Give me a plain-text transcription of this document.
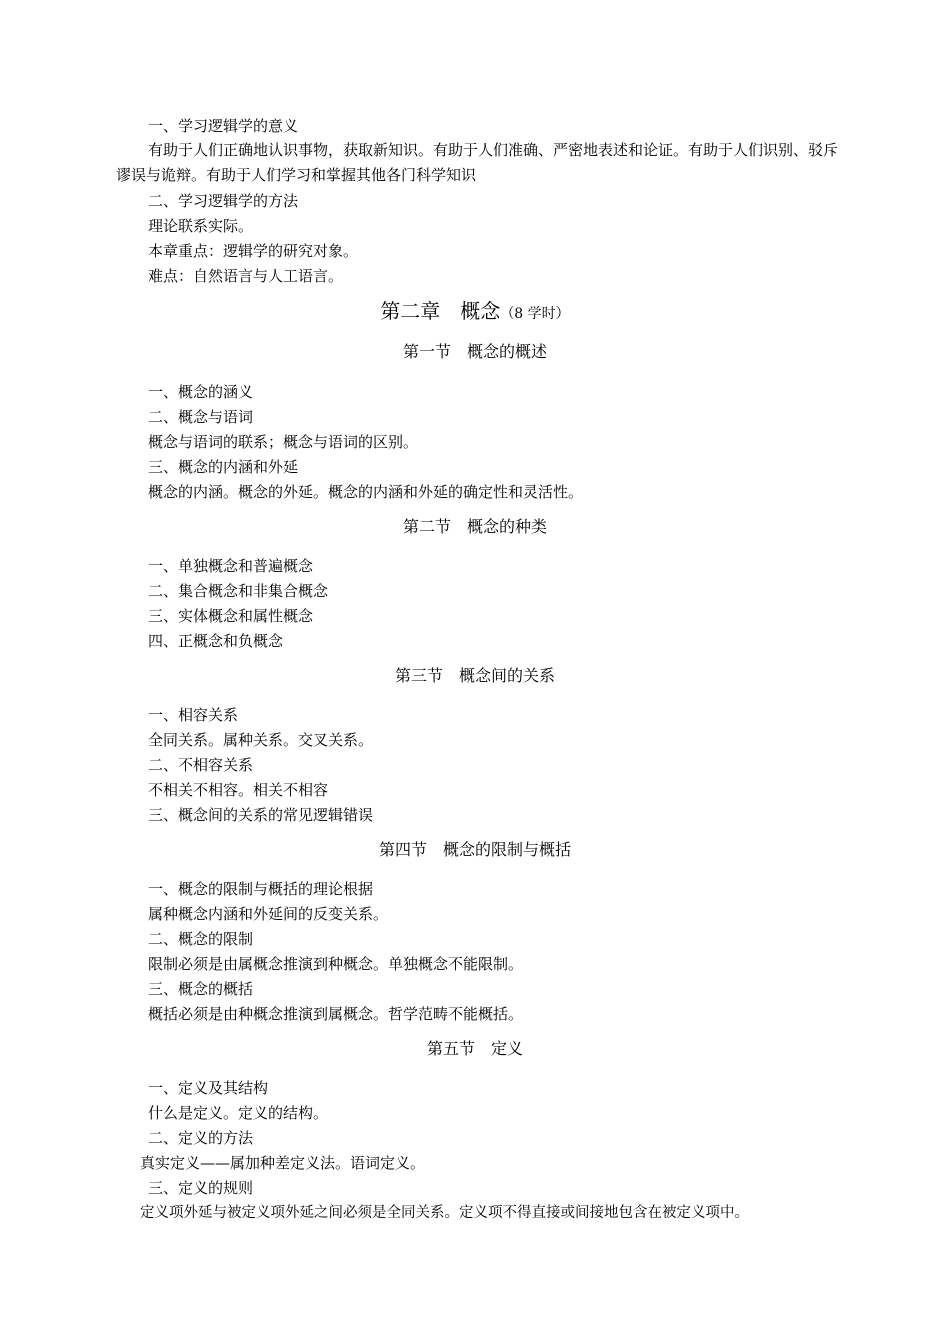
一、学习逻辑学的意义
有助于人们正确地认识事物，获取新知识。有助于人们准确、严密地表述和论证。有助于人们识别、驳斥谬误与诡辩。有助于人们学习和掌握其他各门科学知识
二、学习逻辑学的方法
理论联系实际。
本章重点：逻辑学的研究对象。
难点：自然语言与人工语言。
第二章　概念（8 学时）
第一节　概念的概述
一、概念的涵义
二、概念与语词
概念与语词的联系；概念与语词的区别。
三、概念的内涵和外延
概念的内涵。概念的外延。概念的内涵和外延的确定性和灵活性。
第二节　概念的种类
一、单独概念和普遍概念
二、集合概念和非集合概念
三、实体概念和属性概念
四、正概念和负概念
第三节　概念间的关系
一、相容关系
全同关系。属种关系。交叉关系。
二、不相容关系
不相关不相容。相关不相容
三、概念间的关系的常见逻辑错误
第四节　概念的限制与概括
一、概念的限制与概括的理论根据
属种概念内涵和外延间的反变关系。
二、概念的限制
限制必须是由属概念推演到种概念。单独概念不能限制。
三、概念的概括
概括必须是由种概念推演到属概念。哲学范畴不能概括。
第五节　定义
一、定义及其结构
什么是定义。定义的结构。
二、定义的方法
真实定义——属加种差定义法。语词定义。
三、定义的规则
定义项外延与被定义项外延之间必须是全同关系。定义项不得直接或间接地包含在被定义项中。
